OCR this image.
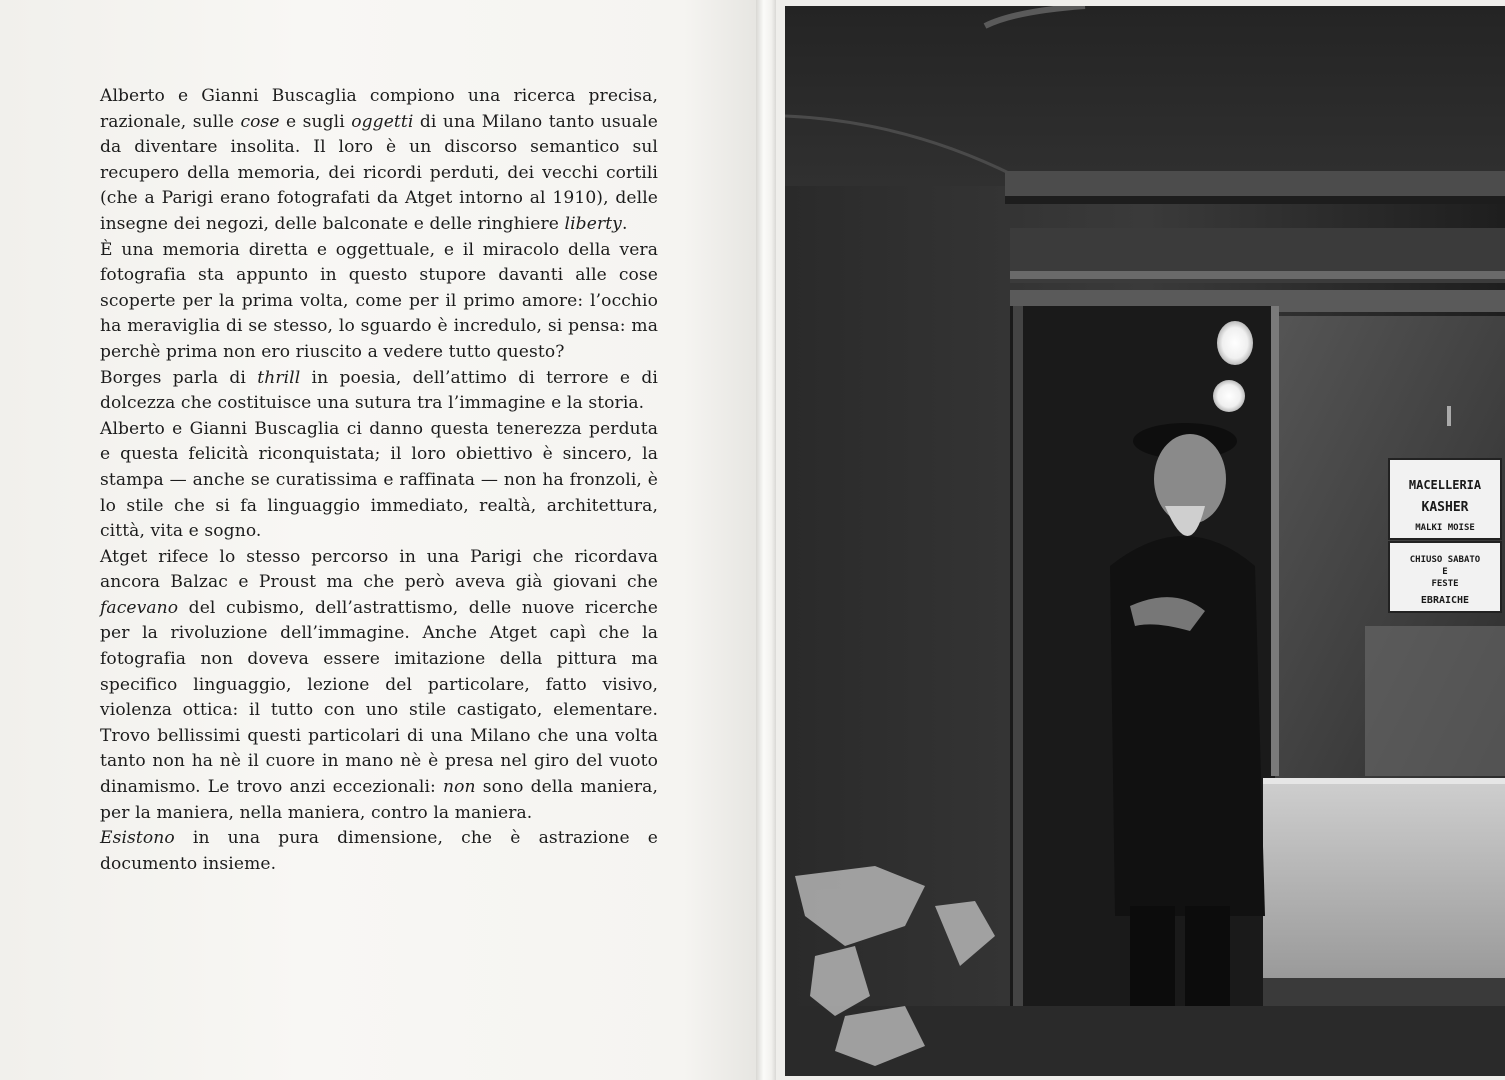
Alberto e Gianni Buscaglia compiono una ricerca precisa, razionale, sulle cose e sugli oggetti di una Milano tanto usuale da diventare insolita. Il loro è un discorso semantico sul recupero della memoria, dei ricordi perduti, dei vecchi cortili (che a Parigi erano fotografati da Atget intorno al 1910), delle insegne dei negozi, delle balconate e delle ringhiere liberty.

È una memoria diretta e oggettuale, e il miracolo della vera fotografia sta appunto in questo stupore davanti alle cose scoperte per la prima volta, come per il primo amore: l’occhio ha meraviglia di se stesso, lo sguardo è incredulo, si pensa: ma perchè prima non ero riuscito a vedere tutto questo?

Borges parla di thrill in poesia, dell’attimo di terrore e di dolcezza che costituisce una sutura tra l’immagine e la storia.

Alberto e Gianni Buscaglia ci danno questa tenerezza perduta e questa felicità riconquistata; il loro obiettivo è sincero, la stampa — anche se curatissima e raffinata — non ha fronzoli, è lo stile che si fa linguaggio immediato, realtà, architettura, città, vita e sogno.

Atget rifece lo stesso percorso in una Parigi che ricordava ancora Balzac e Proust ma che però aveva già giovani che facevano del cubismo, dell’astrattismo, delle nuove ricerche per la rivoluzione dell’immagine. Anche Atget capì che la fotografia non doveva essere imitazione della pittura ma specifico linguaggio, lezione del particolare, fatto visivo, violenza ottica: il tutto con uno stile castigato, elementare. Trovo bellissimi questi particolari di una Milano che una volta tanto non ha nè il cuore in mano nè è presa nel giro del vuoto dinamismo. Le trovo anzi eccezionali: non sono della maniera, per la maniera, nella maniera, contro la maniera.

Esistono in una pura dimensione, che è astrazione e documento insieme.

MACELLERIA
KASHER
MALKI MOISE
CHIUSO SABATO
E
FESTE
EBRAICHE
